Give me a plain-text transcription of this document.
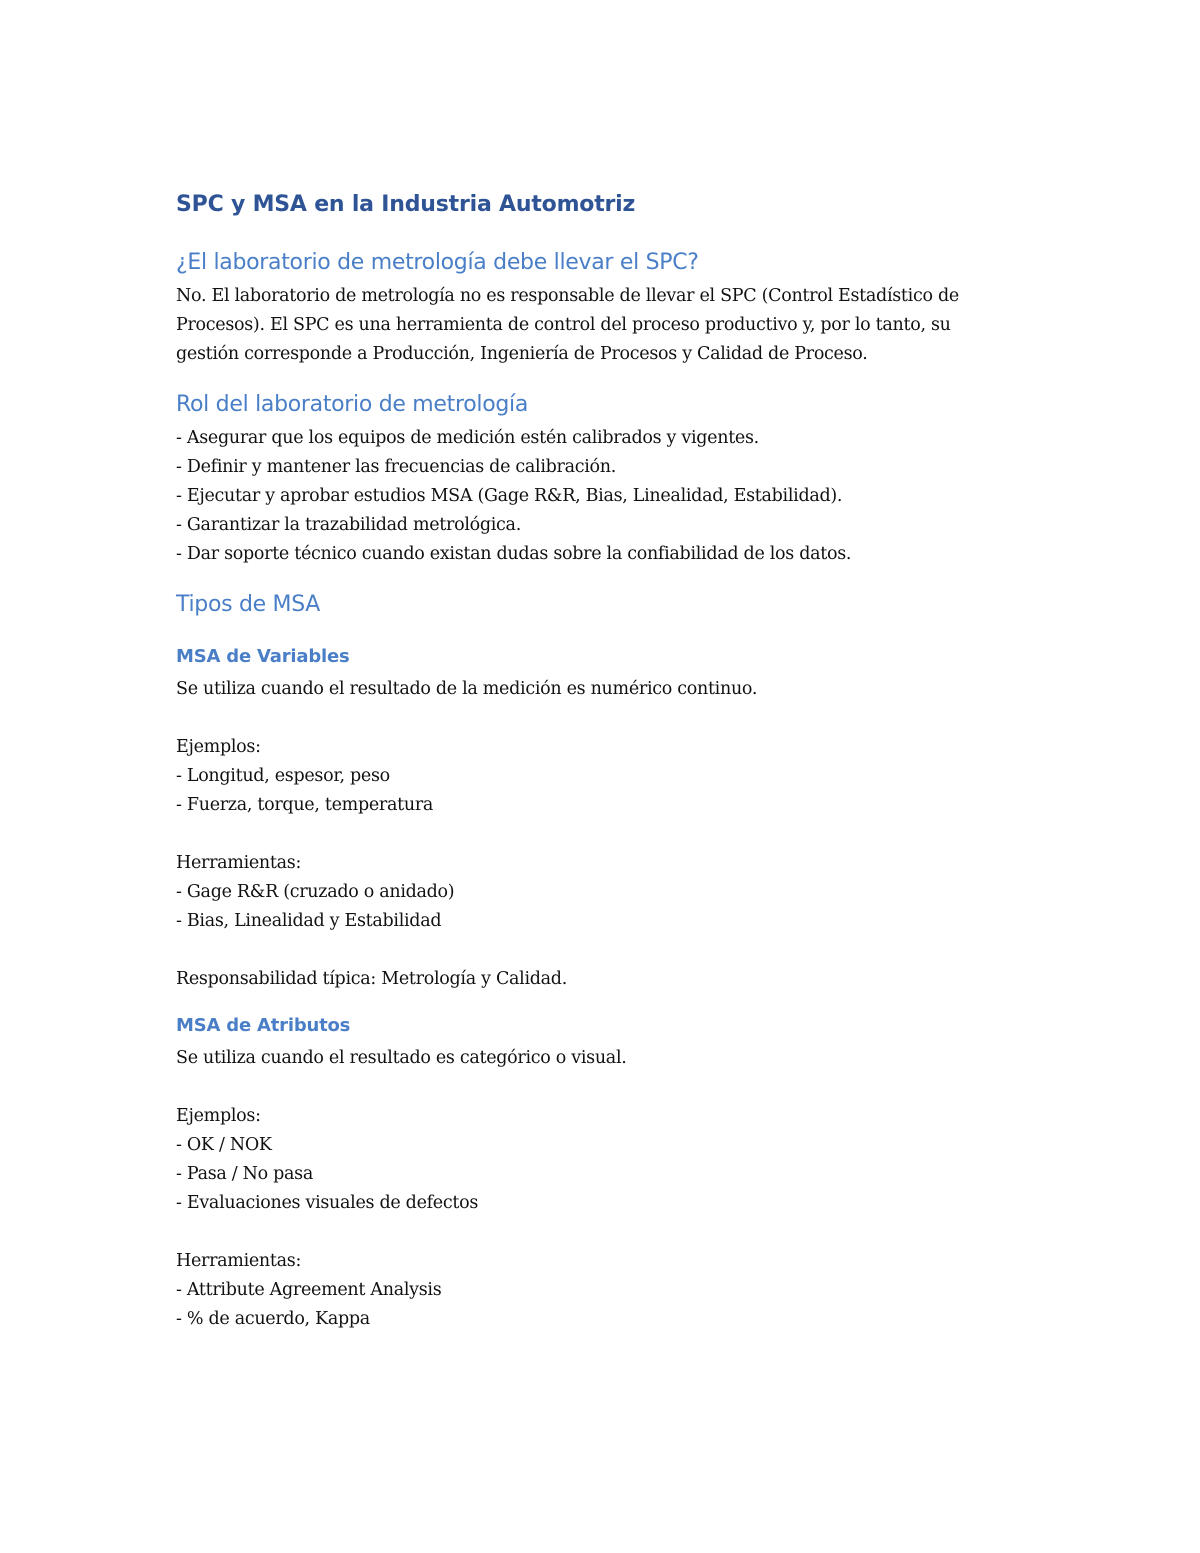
SPC y MSA en la Industria Automotriz
¿El laboratorio de metrología debe llevar el SPC?
No. El laboratorio de metrología no es responsable de llevar el SPC (Control Estadístico de
Procesos). El SPC es una herramienta de control del proceso productivo y, por lo tanto, su
gestión corresponde a Producción, Ingeniería de Procesos y Calidad de Proceso.
Rol del laboratorio de metrología
- Asegurar que los equipos de medición estén calibrados y vigentes.
- Definir y mantener las frecuencias de calibración.
- Ejecutar y aprobar estudios MSA (Gage R&R, Bias, Linealidad, Estabilidad).
- Garantizar la trazabilidad metrológica.
- Dar soporte técnico cuando existan dudas sobre la confiabilidad de los datos.
Tipos de MSA
MSA de Variables
Se utiliza cuando el resultado de la medición es numérico continuo.
Ejemplos:
- Longitud, espesor, peso
- Fuerza, torque, temperatura
Herramientas:
- Gage R&R (cruzado o anidado)
- Bias, Linealidad y Estabilidad
Responsabilidad típica: Metrología y Calidad.
MSA de Atributos
Se utiliza cuando el resultado es categórico o visual.
Ejemplos:
- OK / NOK
- Pasa / No pasa
- Evaluaciones visuales de defectos
Herramientas:
- Attribute Agreement Analysis
- % de acuerdo, Kappa
